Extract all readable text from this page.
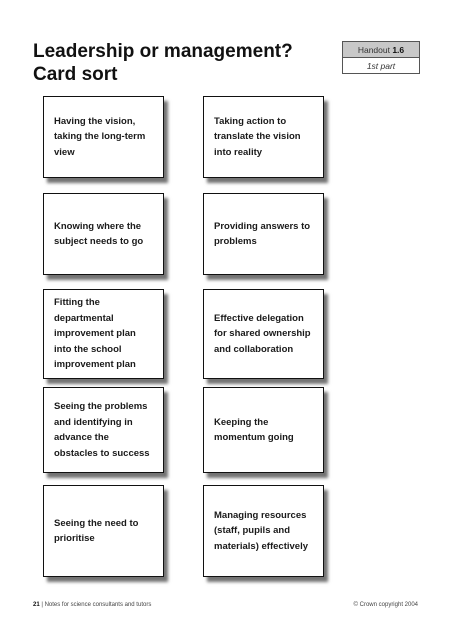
Leadership or management?
Card sort
Handout 1.6
1st part
Having the vision, taking the long-term view
Taking action to translate the vision into reality
Knowing where the subject needs to go
Providing answers to problems
Fitting the departmental improvement plan into the school improvement plan
Effective delegation for shared ownership and collaboration
Seeing the problems and identifying in advance the obstacles to success
Keeping the momentum going
Seeing the need to prioritise
Managing resources (staff, pupils and materials) effectively
21 | Notes for science consultants and tutors	© Crown copyright 2004
